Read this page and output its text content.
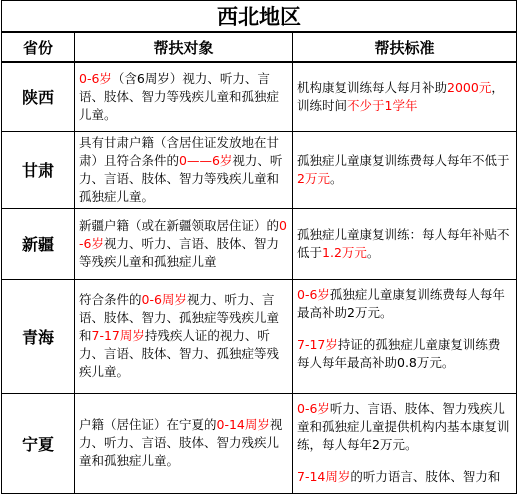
西北地区		
省份	帮扶对象	帮扶标准
陕西	0-6岁（含6周岁）视力、听力、言语、肢体、智力等残疾儿童和孤独症儿童。	机构康复训练每人每月补助2000元，训练时间不少于1学年

甘肃	具有甘肃户籍（含居住证发放地在甘肃）且符合条件的0——6岁视力、听力、言语、肢体、智力等残疾儿童和孤独症儿童。	孤独症儿童康复训练费每人每年不低于2万元。

新疆	新疆户籍（或在新疆领取居住证）的0-6岁视力、听力、言语、肢体、智力等残疾儿童和孤独症儿童	孤独症儿童康复训练：每人每年补贴不低于1.2万元。

青海	符合条件的0-6周岁视力、听力、言语、肢体、智力、孤独症等残疾儿童和7-17周岁持残疾人证的视力、听力、言语、肢体、智力、孤独症等残疾儿童。	0-6岁孤独症儿童康复训练费每人每年最高补助2万元。
7-17岁持证的孤独症儿童康复训练费每人每年最高补助0.8万元。

宁夏	户籍（居住证）在宁夏的0-14周岁视力、听力、言语、肢体、智力残疾儿童和孤独症儿童。	0-6岁听力、言语、肢体、智力残疾儿童和孤独症儿童提供机构内基本康复训练，每人每年2万元。
7-14周岁的听力语言、肢体、智力和
